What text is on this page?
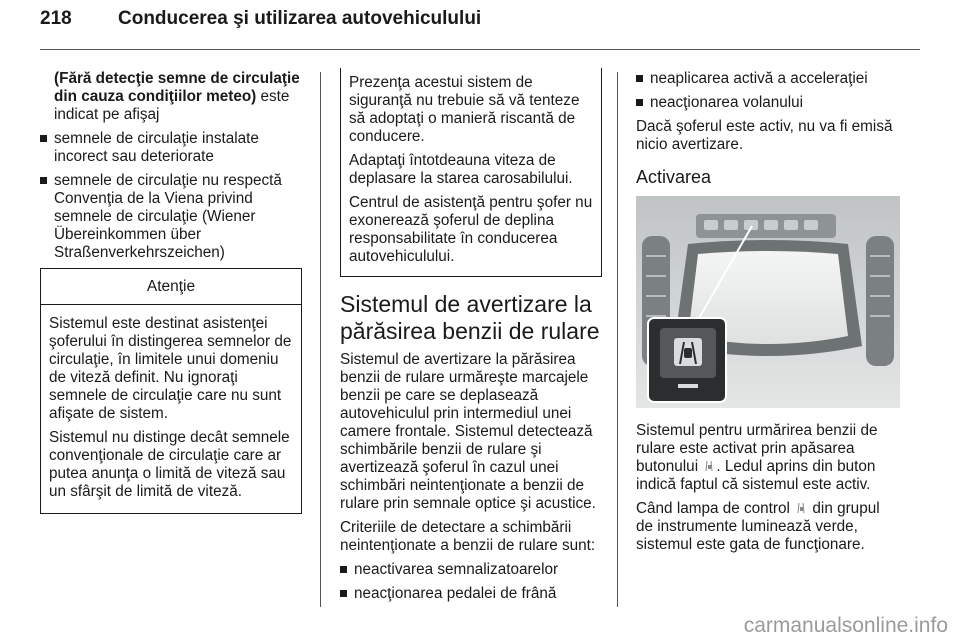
218	Conducerea şi utilizarea autovehiculului

(Fără detecţie semne de circulaţie din cauza condiţiilor meteo) este indicat pe afişaj

semnele de circulaţie instalate incorect sau deteriorate
semnele de circulaţie nu respectă Convenţia de la Viena privind semnele de circulaţie (Wiener Übereinkommen über Straßenverkehrszeichen)
Atenţie

Sistemul este destinat asistenţei şoferului în distingerea semnelor de circulaţie, în limitele unui domeniu de viteză definit. Nu ignoraţi semnele de circulaţie care nu sunt afişate de sistem.

Sistemul nu distinge decât semnele convenţionale de circulaţie care ar putea anunţa o limită de viteză sau un sfârşit de limită de viteză.

Prezenţa acestui sistem de siguranţă nu trebuie să vă tenteze să adoptaţi o manieră riscantă de conducere.

Adaptaţi întotdeauna viteza de deplasare la starea carosabilului.

Centrul de asistenţă pentru şofer nu exonerează şoferul de deplina responsabilitate în conducerea autovehiculului.

Sistemul de avertizare la părăsirea benzii de rulare

Sistemul de avertizare la părăsirea benzii de rulare urmăreşte marcajele benzii pe care se deplasează autovehiculul prin intermediul unei camere frontale. Sistemul detectează schimbările benzii de rulare şi avertizează şoferul în cazul unei schimbări neintenţionate a benzii de rulare prin semnale optice şi acustice.

Criteriile de detectare a schimbării neintenţionate a benzii de rulare sunt:

neactivarea semnalizatoarelor
neacţionarea pedalei de frână
neaplicarea activă a acceleraţiei
neacţionarea volanului

Dacă şoferul este activ, nu va fi emisă nicio avertizare.

Activarea

Sistemul pentru urmărirea benzii de rulare este activat prin apăsarea butonului . Ledul aprins din buton indică faptul că sistemul este activ.

Când lampa de control  din grupul de instrumente luminează verde, sistemul este gata de funcţionare.

carmanualsonline.info
